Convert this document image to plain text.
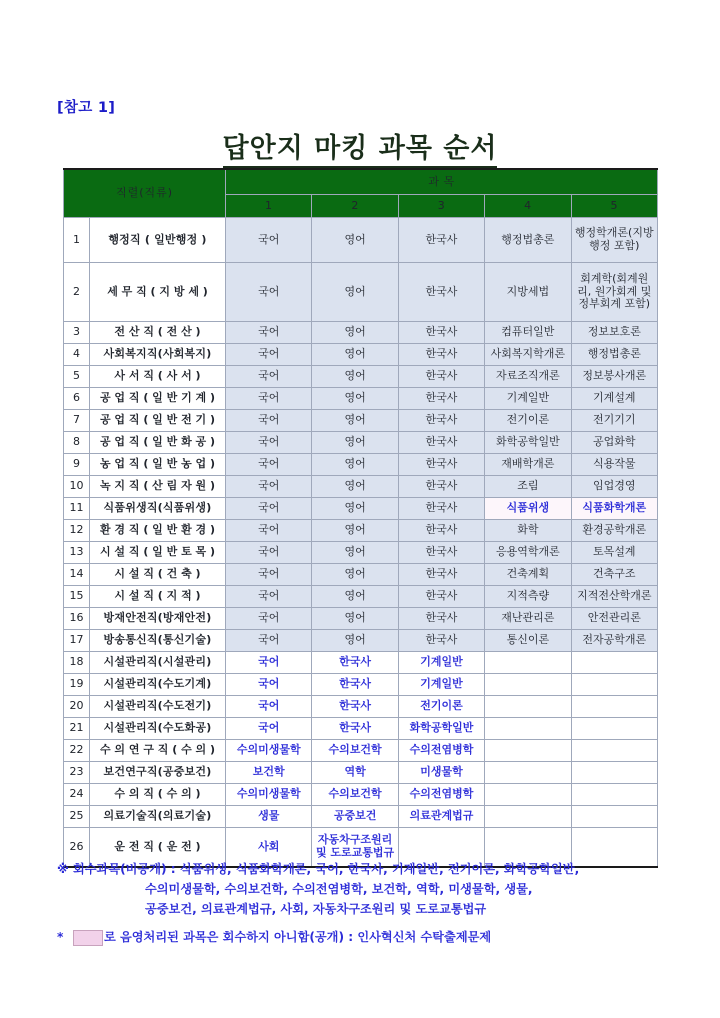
[참고 1]
답안지 마킹 과목 순서
직렬(직류)		과 목				
		1	2	3	4	5
1	행정직 ( 일반행정 )	국어	영어	한국사	행정법총론	행정학개론(지방행정 포함)
2	세 무 직 ( 지 방 세 )	국어	영어	한국사	지방세법	회계학(회계원리, 원가회계 및 정부회계 포함)
3	전 산 직 ( 전 산 )	국어	영어	한국사	컴퓨터일반	정보보호론
4	사회복지직(사회복지)	국어	영어	한국사	사회복지학개론	행정법총론
5	사 서 직 ( 사 서 )	국어	영어	한국사	자료조직개론	정보봉사개론
6	공 업 직 ( 일 반 기 계 )	국어	영어	한국사	기계일반	기계설계
7	공 업 직 ( 일 반 전 기 )	국어	영어	한국사	전기이론	전기기기
8	공 업 직 ( 일 반 화 공 )	국어	영어	한국사	화학공학일반	공업화학
9	농 업 직 ( 일 반 농 업 )	국어	영어	한국사	재배학개론	식용작물
10	녹 지 직 ( 산 림 자 원 )	국어	영어	한국사	조림	임업경영
11	식품위생직(식품위생)	국어	영어	한국사	식품위생	식품화학개론
12	환 경 직 ( 일 반 환 경 )	국어	영어	한국사	화학	환경공학개론
13	시 설 직 ( 일 반 토 목 )	국어	영어	한국사	응용역학개론	토목설계
14	시 설 직 ( 건 축 )	국어	영어	한국사	건축계획	건축구조
15	시 설 직 ( 지 적 )	국어	영어	한국사	지적측량	지적전산학개론
16	방재안전직(방재안전)	국어	영어	한국사	재난관리론	안전관리론
17	방송통신직(통신기술)	국어	영어	한국사	통신이론	전자공학개론
18	시설관리직(시설관리)	국어	한국사	기계일반		
19	시설관리직(수도기계)	국어	한국사	기계일반		
20	시설관리직(수도전기)	국어	한국사	전기이론		
21	시설관리직(수도화공)	국어	한국사	화학공학일반		
22	수 의 연 구 직 ( 수 의 )	수의미생물학	수의보건학	수의전염병학		
23	보건연구직(공중보건)	보건학	역학	미생물학		
24	수 의 직 ( 수 의 )	수의미생물학	수의보건학	수의전염병학		
25	의료기술직(의료기술)	생물	공중보건	의료관계법규		
26	운 전 직 ( 운 전 )	사회	자동차구조원리 및 도로교통법규			
※ 회수과목(비공개) : 식품위생, 식품화학개론, 국어, 한국사, 기계일반, 전기이론, 화학공학일반,
수의미생물학, 수의보건학, 수의전염병학, 보건학, 역학, 미생물학, 생물,
공중보건, 의료관계법규, 사회, 자동차구조원리 및 도로교통법규
*	로 음영처리된 과목은 회수하지 아니함(공개) : 인사혁신처 수탁출제문제
